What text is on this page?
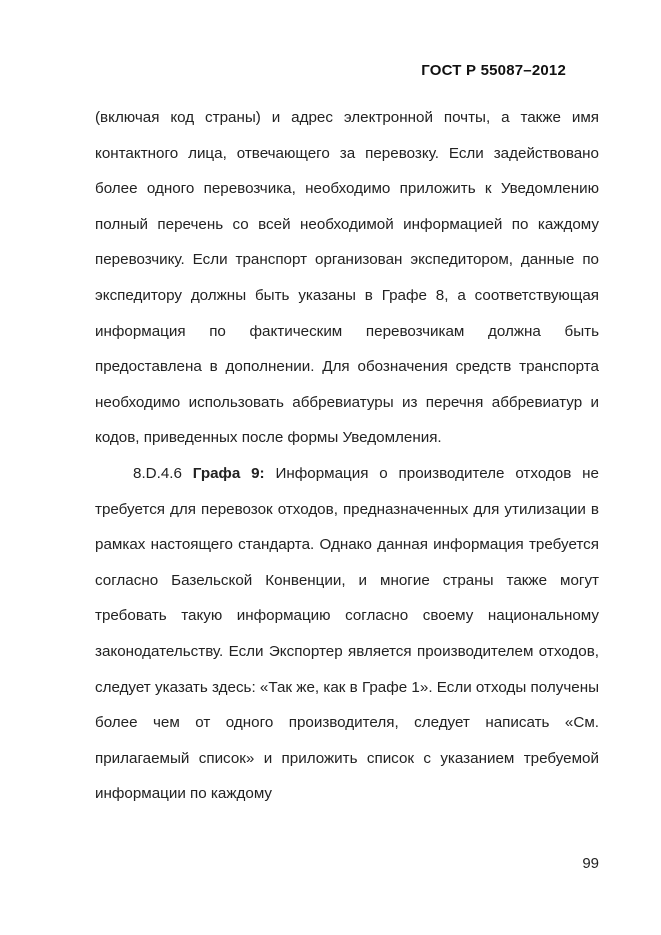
ГОСТ Р 55087–2012

(включая код страны) и адрес электронной почты, а также имя контактного лица, отвечающего за перевозку. Если задействовано более одного перевозчика, необходимо приложить к Уведомлению полный перечень со всей необходимой информацией по каждому перевозчику. Если транспорт организован экспедитором, данные по экспедитору должны быть указаны в Графе 8, а соответствующая информация по фактическим перевозчикам должна быть предоставлена в дополнении. Для обозначения средств транспорта необходимо использовать аббревиатуры из перечня аббревиатур и кодов, приведенных после формы Уведомления.

8.D.4.6 Графа 9: Информация о производителе отходов не требуется для перевозок отходов, предназначенных для утилизации в рамках настоящего стандарта. Однако данная информация требуется согласно Базельской Конвенции, и многие страны также могут требовать такую информацию согласно своему национальному законодательству. Если Экспортер является производителем отходов, следует указать здесь: «Так же, как в Графе 1». Если отходы получены более чем от одного производителя, следует написать «См. прилагаемый список» и приложить список с указанием требуемой информации по каждому

99
